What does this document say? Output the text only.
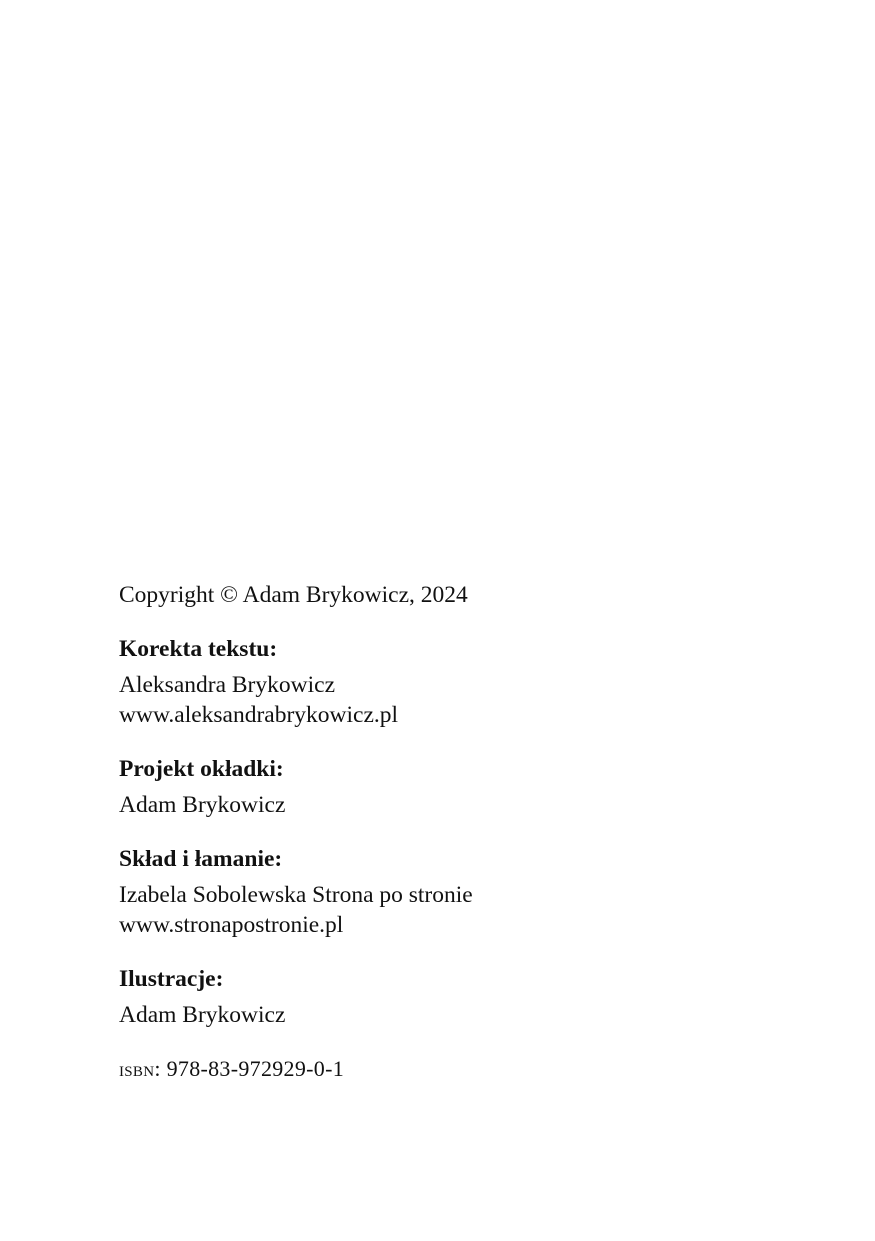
Copyright © Adam Brykowicz, 2024
Korekta tekstu:
Aleksandra Brykowicz
www.aleksandrabrykowicz.pl
Projekt okładki:
Adam Brykowicz
Skład i łamanie:
Izabela Sobolewska Strona po stronie
www.stronapostronie.pl
Ilustracje:
Adam Brykowicz
isbn: 978-83-972929-0-1
